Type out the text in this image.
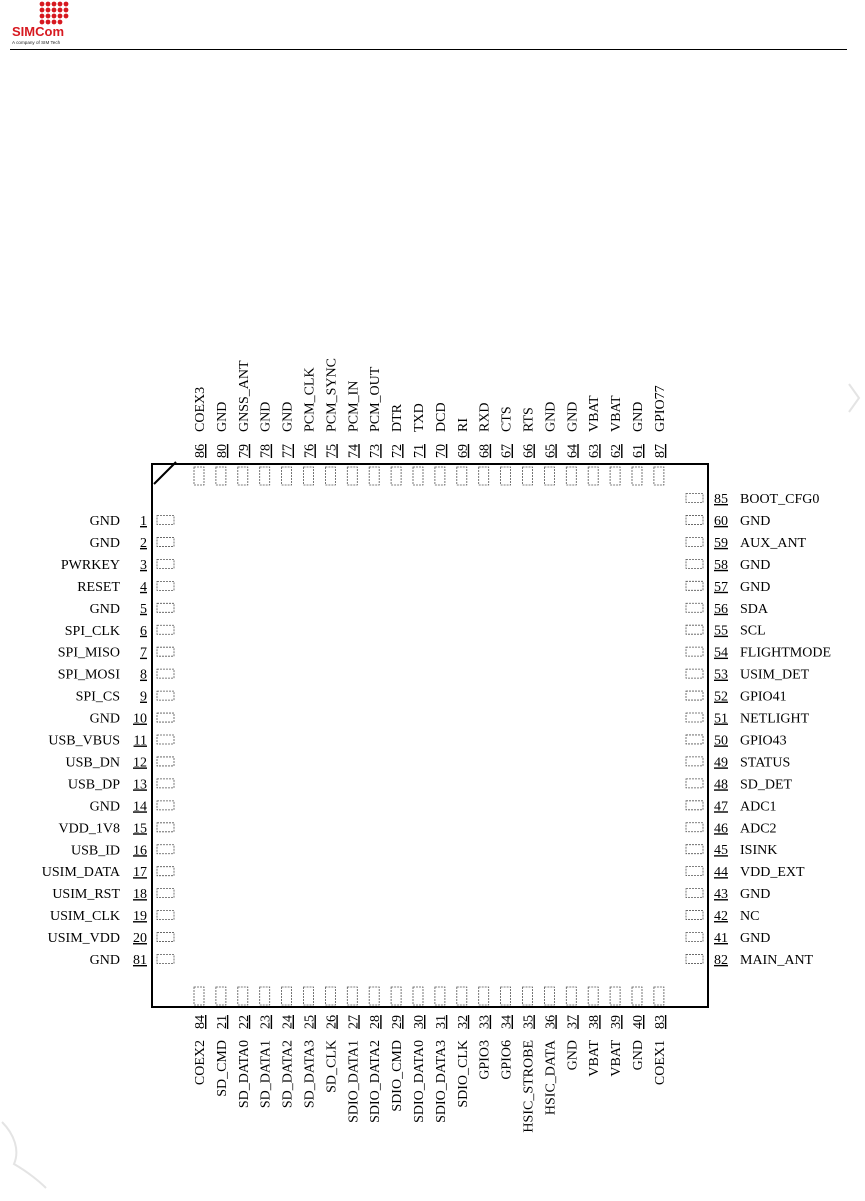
SIMCom
A company of SIM Tech
1
GND
2
GND
3
PWRKEY
4
RESET
5
GND
6
SPI_CLK
7
SPI_MISO
8
SPI_MOSI
9
SPI_CS
10
GND
11
USB_VBUS
12
USB_DN
13
USB_DP
14
GND
15
VDD_1V8
16
USB_ID
17
USIM_DATA
18
USIM_RST
19
USIM_CLK
20
USIM_VDD
81
GND
85 BOOT_CFG0
60 GND
59 AUX_ANT
58 GND
57 GND
56 SDA
55 SCL
54 FLIGHTMODE
53 USIM_DET
52 GPIO41
51 NETLIGHT
50 GPIO43
49 STATUS
48 SD_DET
47 ADC1
46 ADC2
45 ISINK
44 VDD_EXT
43 GND
42 NC
41 GND
82 MAIN_ANT
86
COEX3
80
GND
79
GNSS_ANT
78
GND
77
GND
76
PCM_CLK
75
PCM_SYNC
74
PCM_IN
73
PCM_OUT
72
DTR
71
TXD
70
DCD
69
RI
68
RXD
67
CTS
66
RTS
65
GND
64
GND
63
VBAT
62
VBAT
61
GND
87
GPIO77
84
COEX2
21
SD_CMD
22
SD_DATA0
23
SD_DATA1
24
SD_DATA2
25
SD_DATA3
26
SD_CLK
27
SDIO_DATA1
28
SDIO_DATA2
29
SDIO_CMD
30
SDIO_DATA0
31
SDIO_DATA3
32
SDIO_CLK
33
GPIO3
34
GPIO6
35
HSIC_STROBE
36
HSIC_DATA
37
GND
38
VBAT
39
VBAT
40
GND
83
COEX1
